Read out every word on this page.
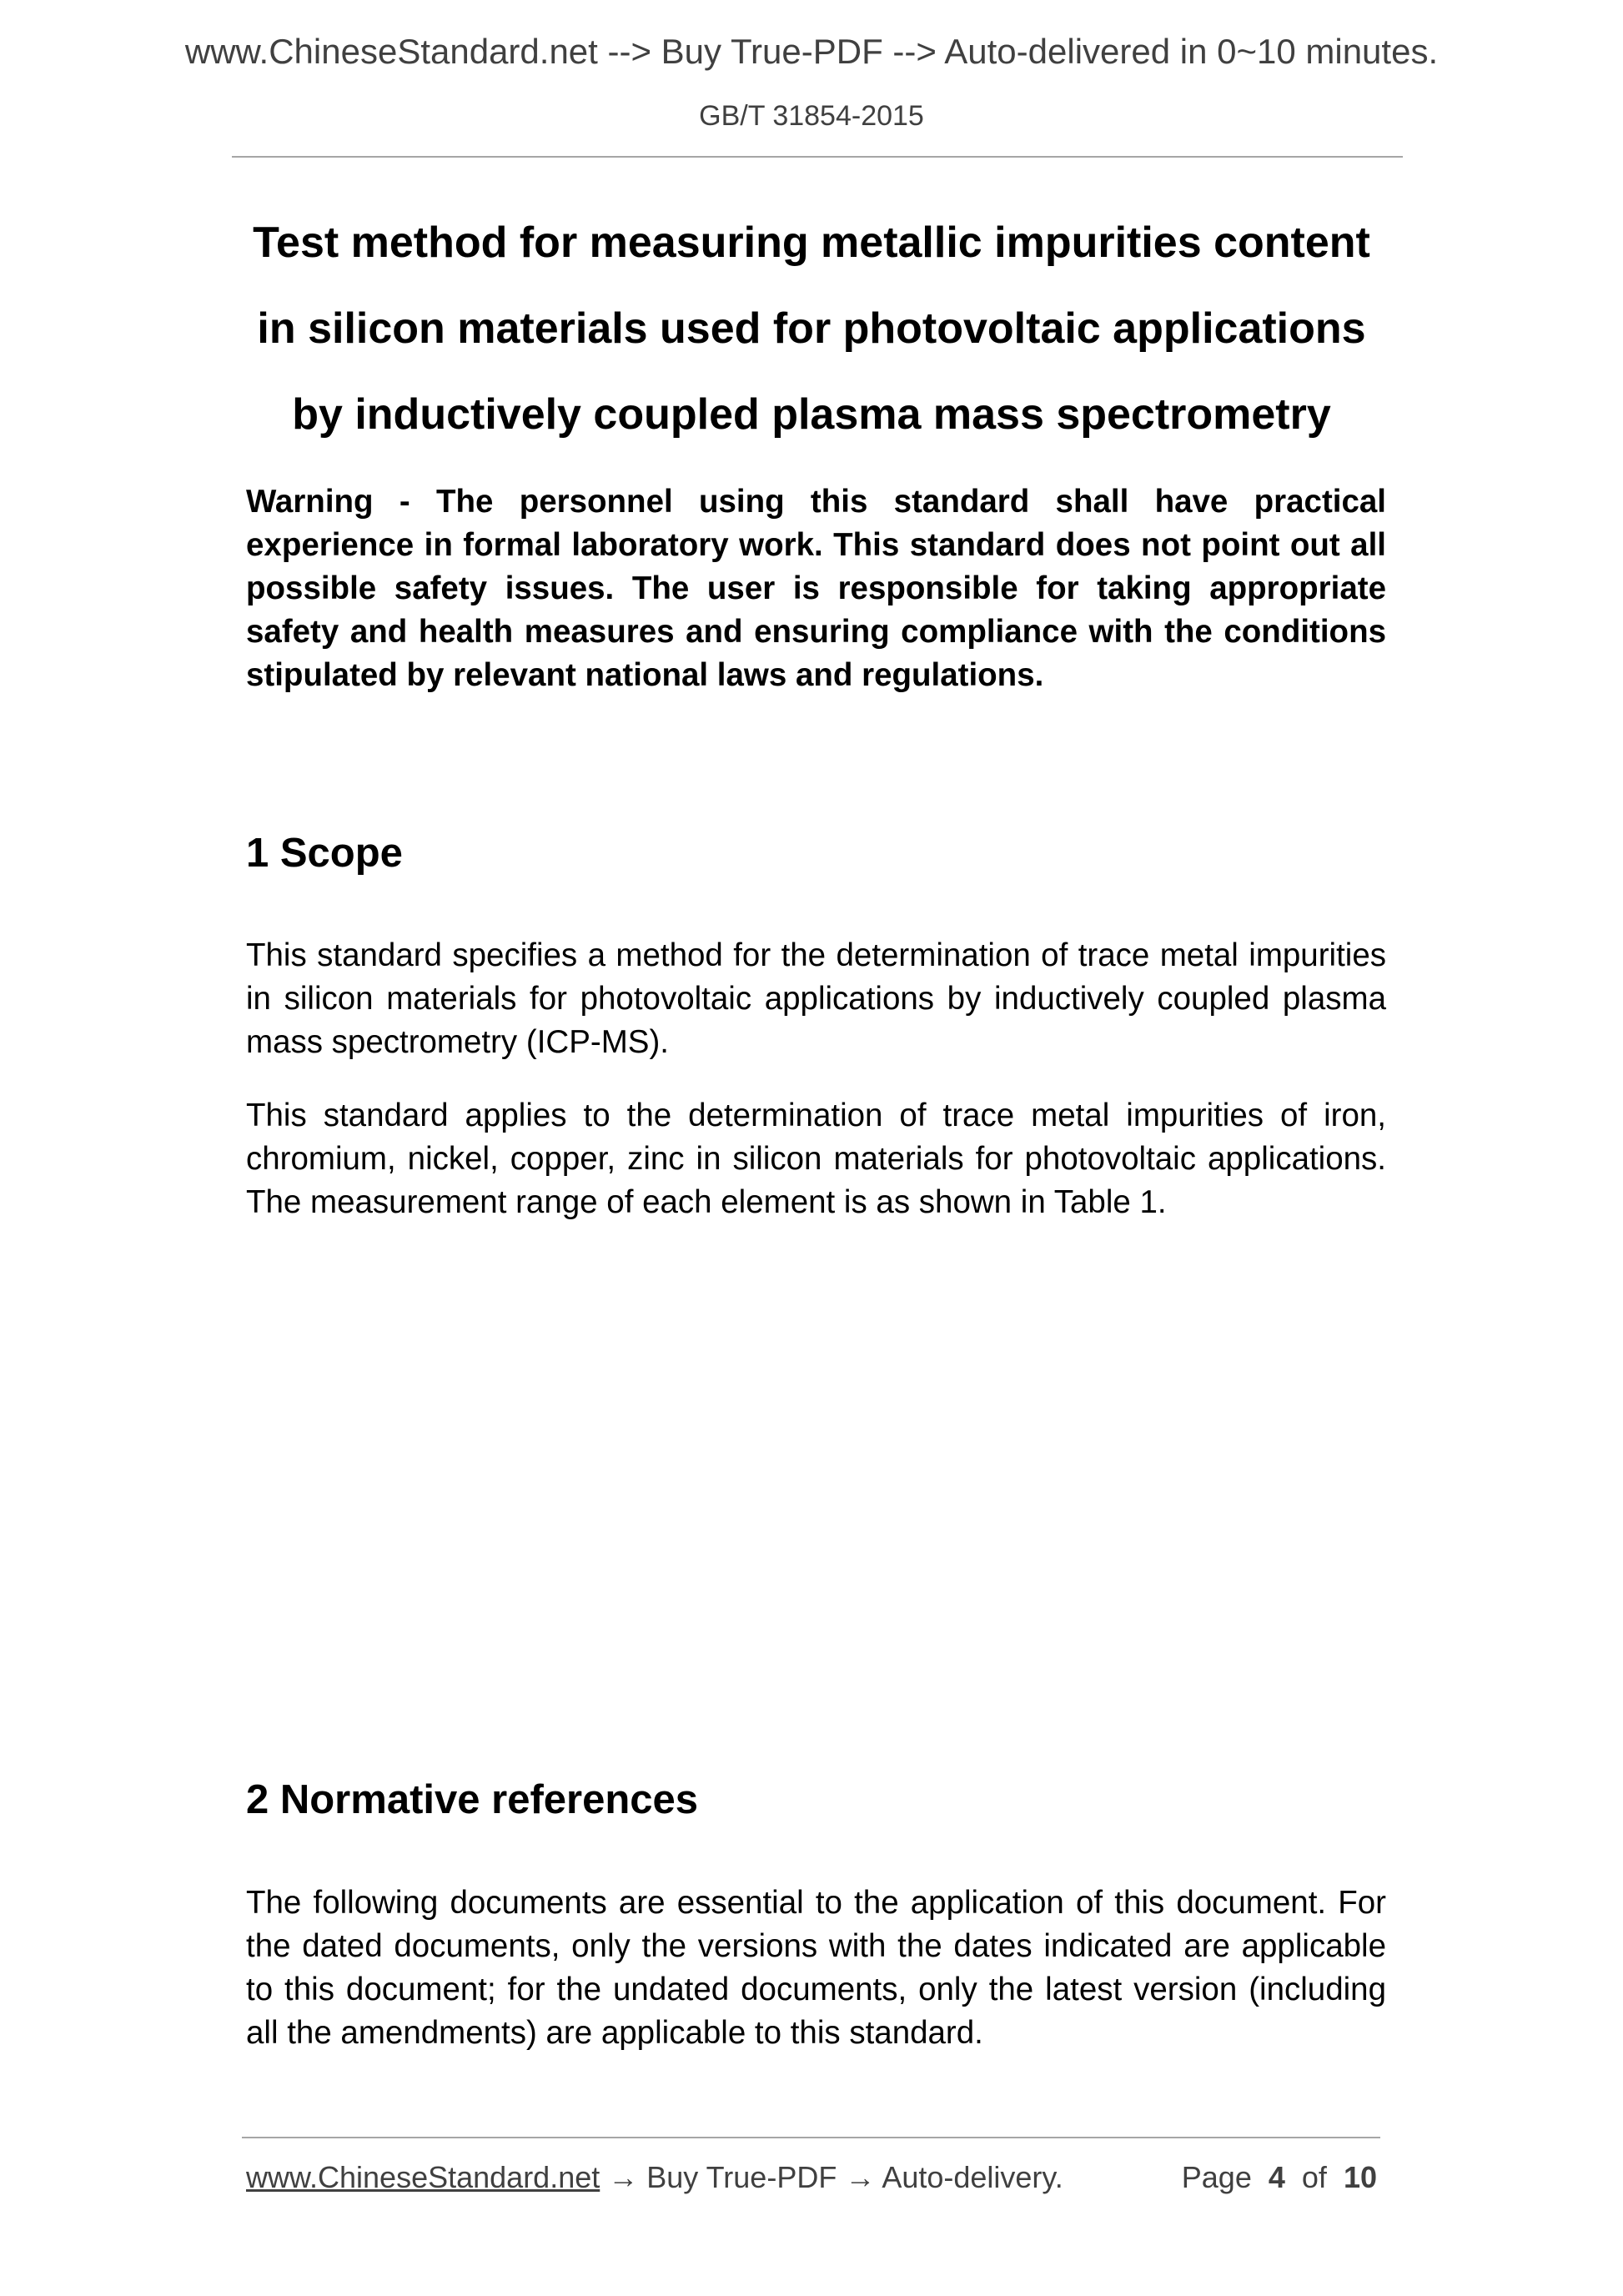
www.ChineseStandard.net --> Buy True-PDF --> Auto-delivered in 0~10 minutes.
GB/T 31854-2015
Test method for measuring metallic impurities content
in silicon materials used for photovoltaic applications
by inductively coupled plasma mass spectrometry
Warning - The personnel using this standard shall have practical experience in formal laboratory work. This standard does not point out all possible safety issues. The user is responsible for taking appropriate safety and health measures and ensuring compliance with the conditions stipulated by relevant national laws and regulations.
1 Scope
This standard specifies a method for the determination of trace metal impurities in silicon materials for photovoltaic applications by inductively coupled plasma mass spectrometry (ICP-MS).
This standard applies to the determination of trace metal impurities of iron, chromium, nickel, copper, zinc in silicon materials for photovoltaic applications. The measurement range of each element is as shown in Table 1.
2 Normative references
The following documents are essential to the application of this document. For the dated documents, only the versions with the dates indicated are applicable to this document; for the undated documents, only the latest version (including all the amendments) are applicable to this standard.
www.ChineseStandard.net → Buy True-PDF → Auto-delivery.	Page 4 of 10
